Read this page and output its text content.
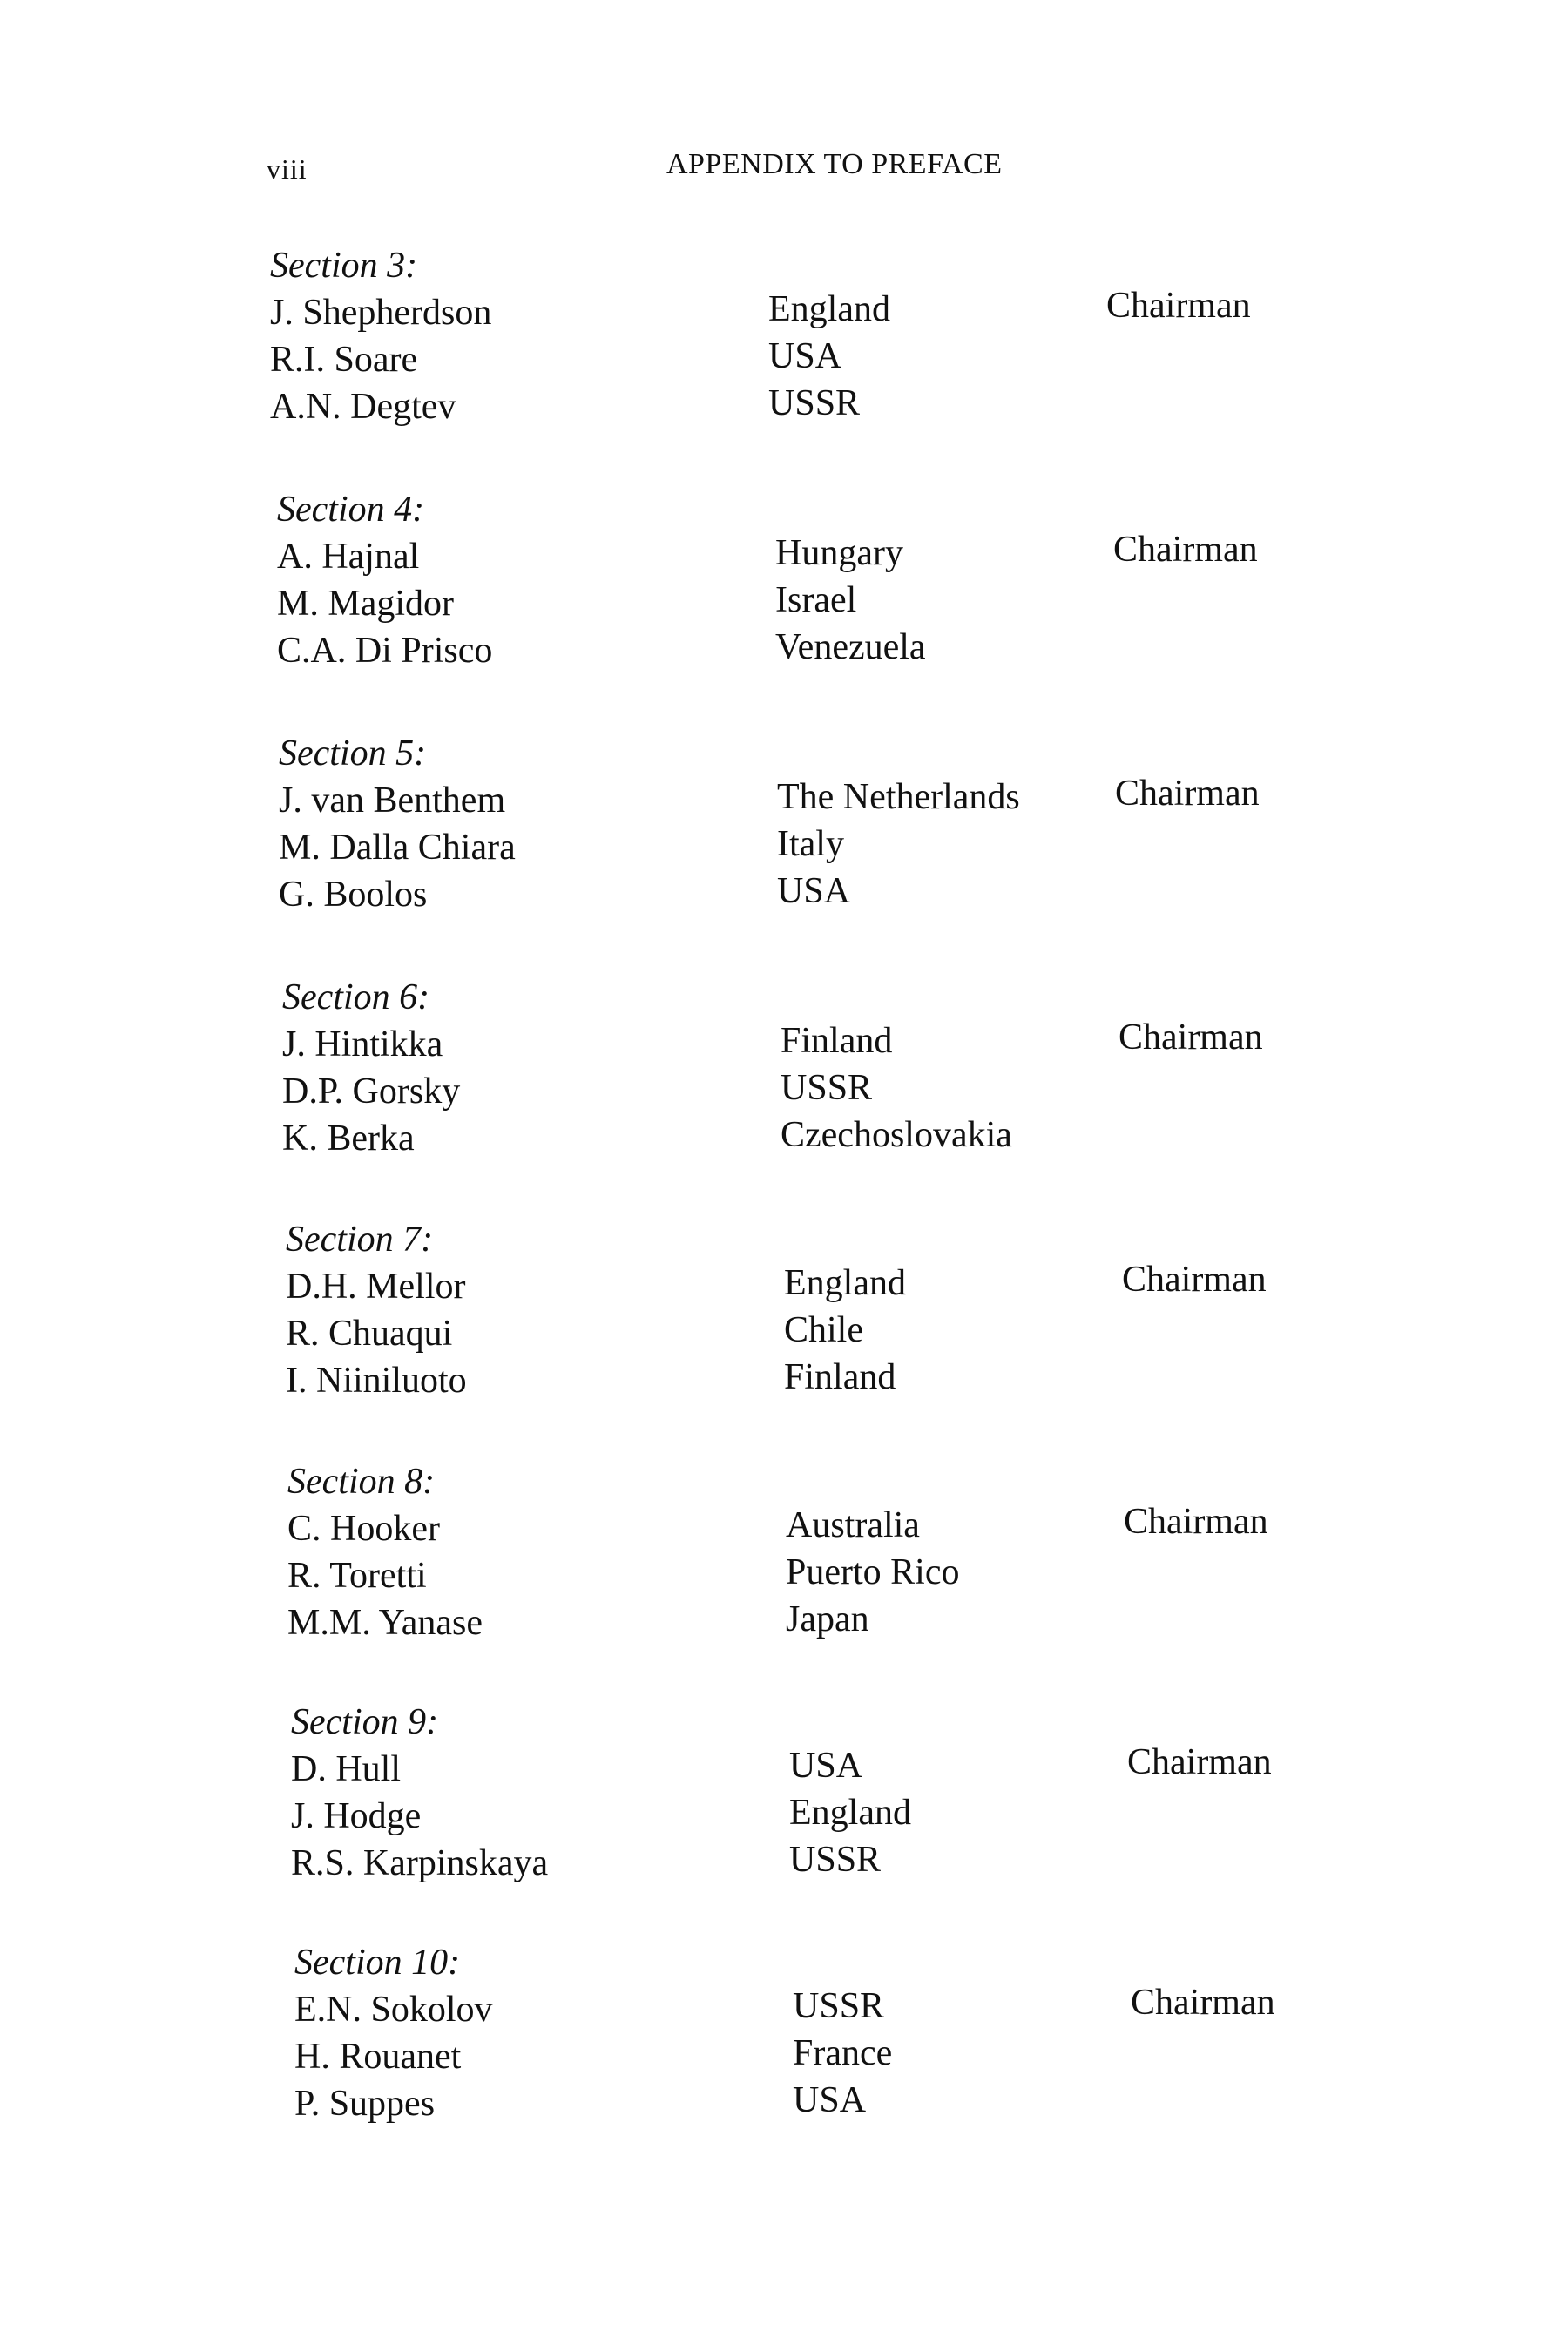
viii	APPENDIX TO PREFACE
Section 3:
J. Shepherdson	England	Chairman
R.I. Soare	USA
A.N. Degtev	USSR
Section 4:
A. Hajnal	Hungary	Chairman
M. Magidor	Israel
C.A. Di Prisco	Venezuela
Section 5:
J. van Benthem	The Netherlands	Chairman
M. Dalla Chiara	Italy
G. Boolos	USA
Section 6:
J. Hintikka	Finland	Chairman
D.P. Gorsky	USSR
K. Berka	Czechoslovakia
Section 7:
D.H. Mellor	England	Chairman
R. Chuaqui	Chile
I. Niiniluoto	Finland
Section 8:
C. Hooker	Australia	Chairman
R. Toretti	Puerto Rico
M.M. Yanase	Japan
Section 9:
D. Hull	USA	Chairman
J. Hodge	England
R.S. Karpinskaya	USSR
Section 10:
E.N. Sokolov	USSR	Chairman
H. Rouanet	France
P. Suppes	USA
